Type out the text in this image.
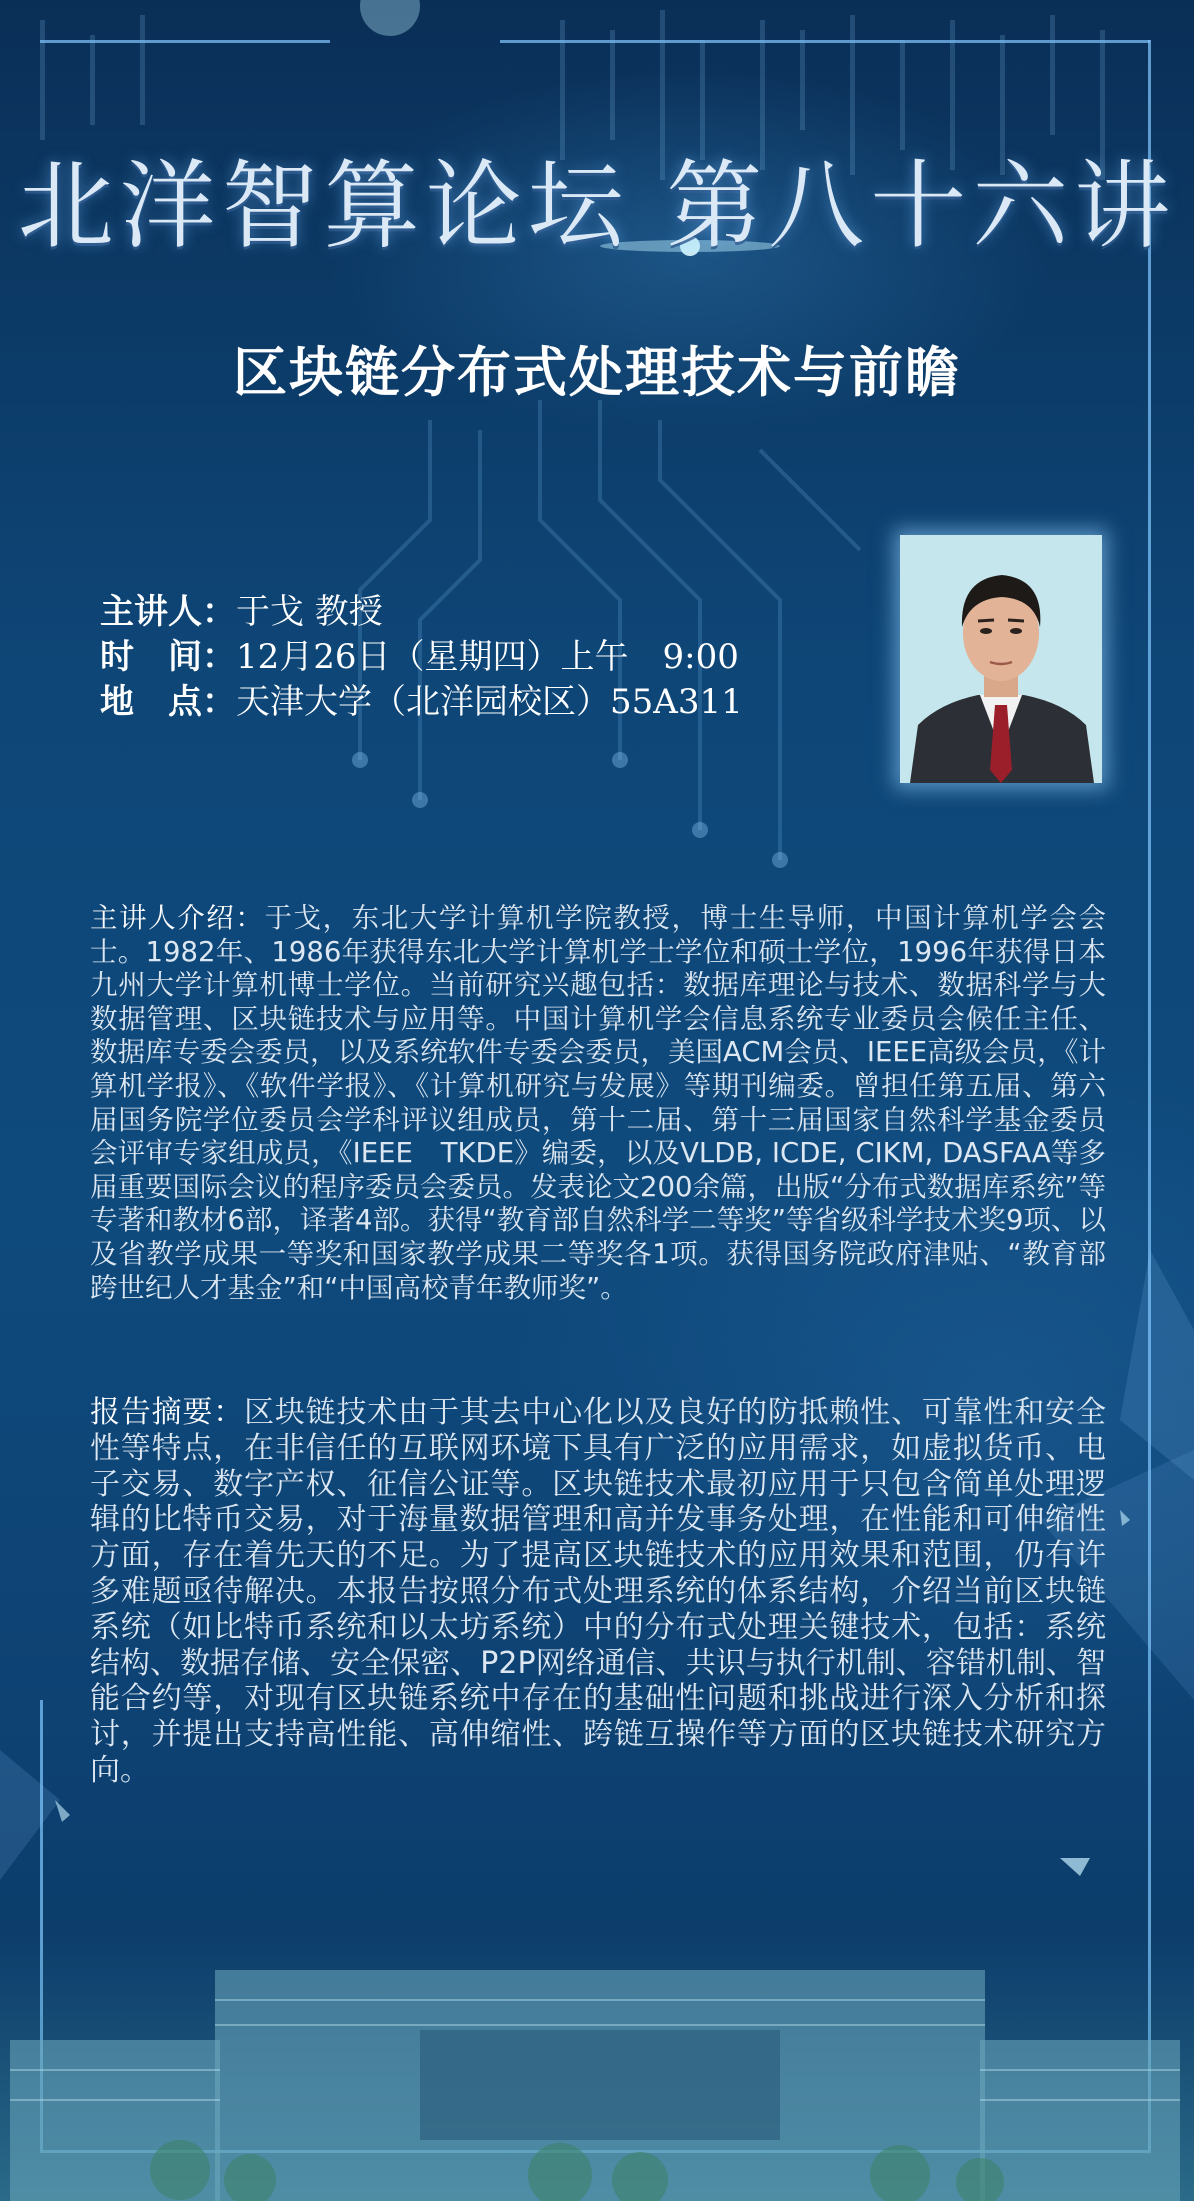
北洋智算论坛 第八十六讲
区块链分布式处理技术与前瞻
主讲人：于戈 教授
时　间：12月26日（星期四）上午　9:00
地　点：天津大学（北洋园校区）55A311
主讲人介绍：于戈，东北大学计算机学院教授，博士生导师，中国计算机学会会士。1982年、1986年获得东北大学计算机学士学位和硕士学位，1996年获得日本九州大学计算机博士学位。当前研究兴趣包括：数据库理论与技术、数据科学与大数据管理、区块链技术与应用等。中国计算机学会信息系统专业委员会候任主任、数据库专委会委员，以及系统软件专委会委员，美国ACM会员、IEEE高级会员，《计算机学报》、《软件学报》、《计算机研究与发展》等期刊编委。曾担任第五届、第六届国务院学位委员会学科评议组成员，第十二届、第十三届国家自然科学基金委员会评审专家组成员，《IEEE　TKDE》编委，以及VLDB, ICDE, CIKM, DASFAA等多届重要国际会议的程序委员会委员。发表论文200余篇，出版“分布式数据库系统”等专著和教材6部，译著4部。获得“教育部自然科学二等奖”等省级科学技术奖9项、以及省教学成果一等奖和国家教学成果二等奖各1项。获得国务院政府津贴、“教育部跨世纪人才基金”和“中国高校青年教师奖”。
报告摘要：区块链技术由于其去中心化以及良好的防抵赖性、可靠性和安全性等特点，在非信任的互联网环境下具有广泛的应用需求，如虚拟货币、电子交易、数字产权、征信公证等。区块链技术最初应用于只包含简单处理逻辑的比特币交易，对于海量数据管理和高并发事务处理，在性能和可伸缩性方面，存在着先天的不足。为了提高区块链技术的应用效果和范围，仍有许多难题亟待解决。本报告按照分布式处理系统的体系结构，介绍当前区块链系统（如比特币系统和以太坊系统）中的分布式处理关键技术，包括：系统结构、数据存储、安全保密、P2P网络通信、共识与执行机制、容错机制、智能合约等，对现有区块链系统中存在的基础性问题和挑战进行深入分析和探讨，并提出支持高性能、高伸缩性、跨链互操作等方面的区块链技术研究方向。
